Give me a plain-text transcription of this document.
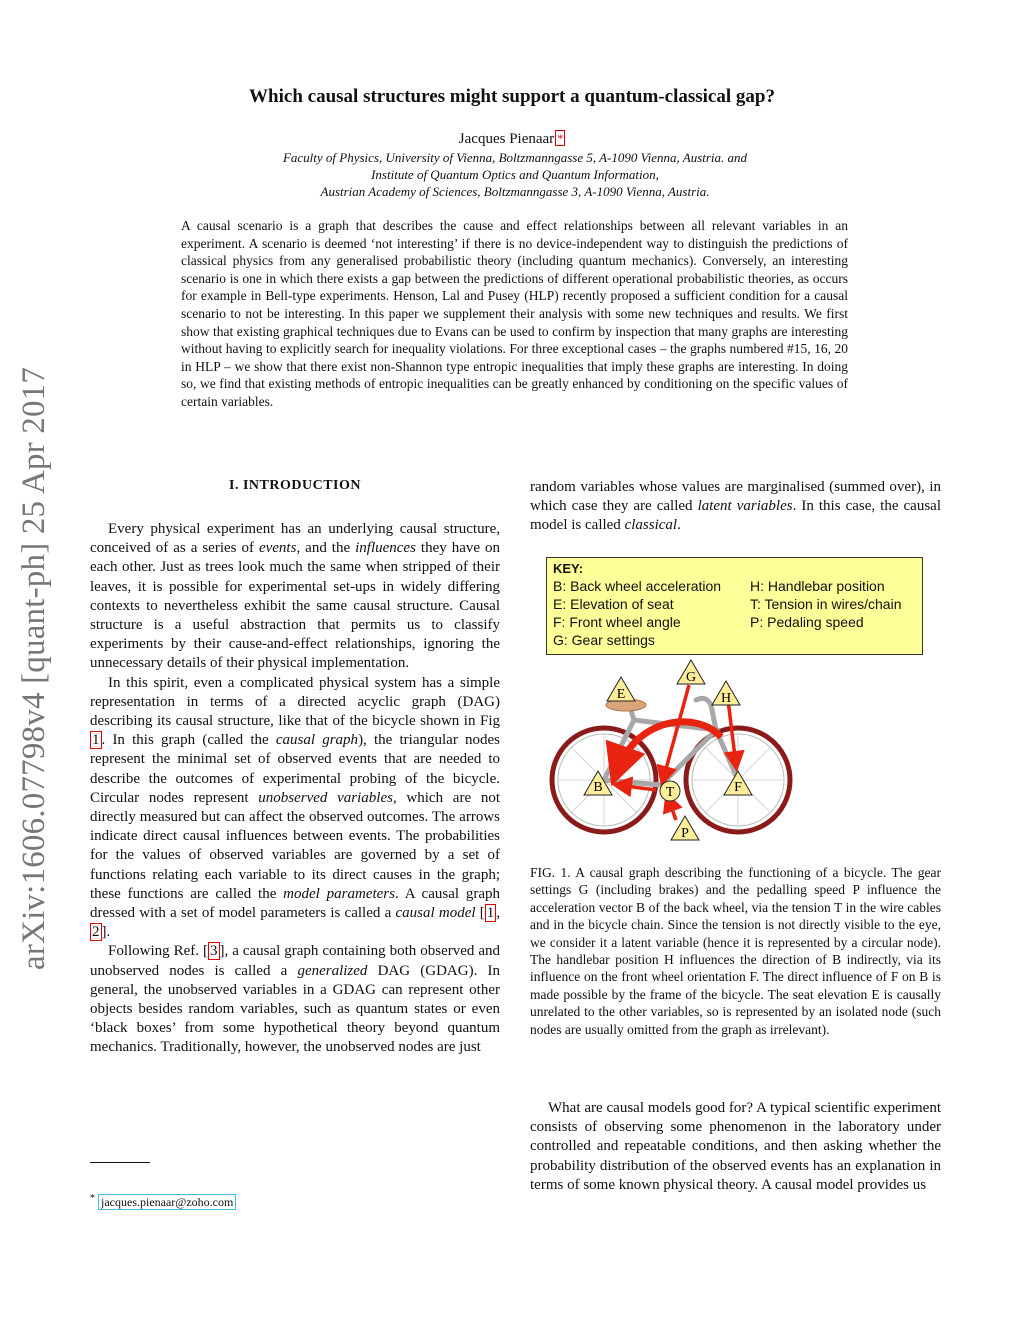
arXiv:1606.07798v4 [quant-ph] 25 Apr 2017
Which causal structures might support a quantum-classical gap?
Jacques Pienaar *
Faculty of Physics, University of Vienna, Boltzmanngasse 5, A-1090 Vienna, Austria. and
Institute of Quantum Optics and Quantum Information,
Austrian Academy of Sciences, Boltzmanngasse 3, A-1090 Vienna, Austria.
A causal scenario is a graph that describes the cause and effect relationships between all relevant variables in an experiment. A scenario is deemed ‘not interesting’ if there is no device-independent way to distinguish the predictions of classical physics from any generalised probabilistic theory (including quantum mechanics). Conversely, an interesting scenario is one in which there exists a gap between the predictions of different operational probabilistic theories, as occurs for example in Bell-type experiments. Henson, Lal and Pusey (HLP) recently proposed a sufficient condition for a causal scenario to not be interesting. In this paper we supplement their analysis with some new techniques and results. We first show that existing graphical techniques due to Evans can be used to confirm by inspection that many graphs are interesting without having to explicitly search for inequality violations. For three exceptional cases – the graphs numbered #15, 16, 20 in HLP – we show that there exist non-Shannon type entropic inequalities that imply these graphs are interesting. In doing so, we find that existing methods of entropic inequalities can be greatly enhanced by conditioning on the specific values of certain variables.
I. INTRODUCTION

Every physical experiment has an underlying causal structure, conceived of as a series of events, and the influences they have on each other. Just as trees look much the same when stripped of their leaves, it is possible for experimental set-ups in widely differing contexts to nevertheless exhibit the same causal structure. Causal structure is a useful abstraction that permits us to classify experiments by their cause-and-effect relationships, ignoring the unnecessary details of their physical implementation.

In this spirit, even a complicated physical system has a simple representation in terms of a directed acyclic graph (DAG) describing its causal structure, like that of the bicycle shown in Fig 1 . In this graph (called the causal graph), the triangular nodes represent the minimal set of observed events that are needed to describe the outcomes of experimental probing of the bicycle. Circular nodes represent unobserved variables, which are not directly measured but can affect the observed outcomes. The arrows indicate direct causal influences between events. The probabilities for the values of observed variables are governed by a set of functions relating each variable to its direct causes in the graph; these functions are called the model parameters. A causal graph dressed with a set of model parameters is called a causal model [ 1 , 2 ].

Following Ref. [ 3 ], a causal graph containing both observed and unobserved nodes is called a generalized DAG (GDAG). In general, the unobserved variables in a GDAG can represent other objects besides random variables, such as quantum states or even ‘black boxes’ from some hypothetical theory beyond quantum mechanics. Traditionally, however, the unobserved nodes are just

random variables whose values are marginalised (summed over), in which case they are called latent variables. In this case, the causal model is called classical.

KEY:
B: Back wheel acceleration
E: Elevation of seat
F: Front wheel angle
G: Gear settings
H: Handlebar position
T: Tension in wires/chain
P: Pedaling speed
G
E	H
B	F
T
P
FIG. 1. A causal graph describing the functioning of a bicycle. The gear settings G (including brakes) and the pedalling speed P influence the acceleration vector B of the back wheel, via the tension T in the wire cables and in the bicycle chain. Since the tension is not directly visible to the eye, we consider it a latent variable (hence it is represented by a circular node). The handlebar position H influences the direction of B indirectly, via its influence on the front wheel orientation F. The direct influence of F on B is made possible by the frame of the bicycle. The seat elevation E is causally unrelated to the other variables, so is represented by an isolated node (such nodes are usually omitted from the graph as irrelevant).

What are causal models good for? A typical scientific experiment consists of observing some phenomenon in the laboratory under controlled and repeatable conditions, and then asking whether the probability distribution of the observed events has an explanation in terms of some known physical theory. A causal model provides us

* jacques.pienaar@zoho.com
